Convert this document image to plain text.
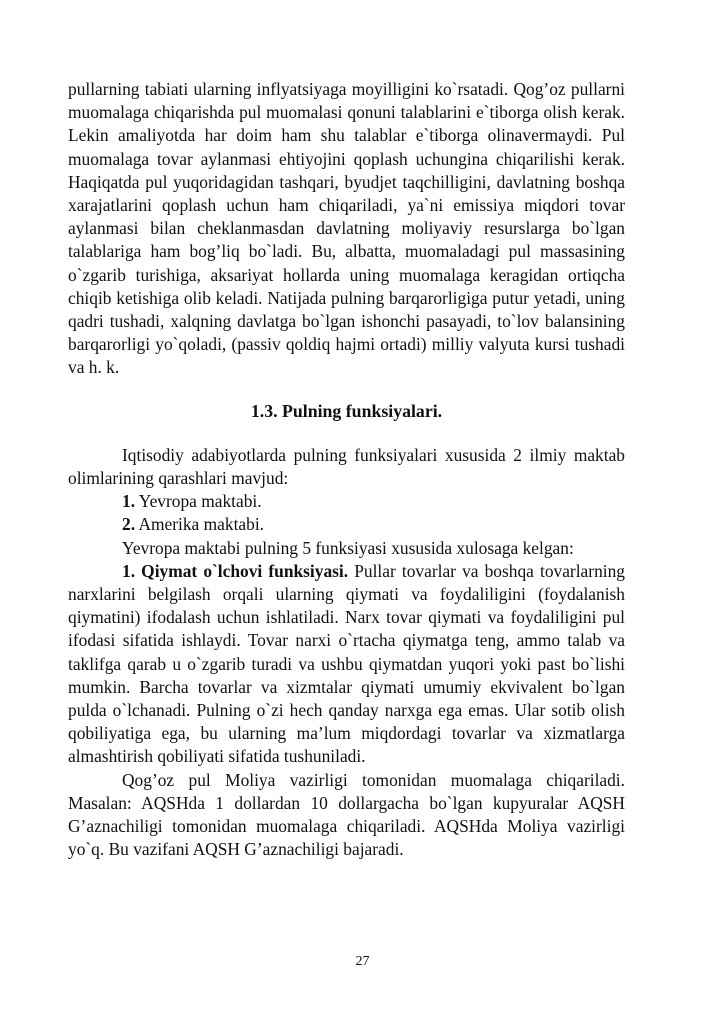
pullarning tabiati ularning inflyatsiyaga moyilligini ko`rsatadi. Qog’oz pullarni muomalaga chiqarishda pul muomalasi qonuni talablarini e`tiborga olish kerak. Lekin amaliyotda har doim ham shu talablar e`tiborga olinavermaydi. Pul muomalaga tovar aylanmasi ehtiyojini qoplash uchungina chiqarilishi kerak. Haqiqatda pul yuqoridagidan tashqari, byudjet taqchilligini, davlatning boshqa xarajatlarini qoplash uchun ham chiqariladi, ya`ni emissiya miqdori tovar aylanmasi bilan cheklanmasdan davlatning moliyaviy resurslarga bo`lgan talablariga ham bog’liq bo`ladi. Bu, albatta, muomaladagi pul massasining o`zgarib turishiga, aksariyat hollarda uning muomalaga keragidan ortiqcha chiqib ketishiga olib keladi. Natijada pulning barqarorligiga putur yetadi, uning qadri tushadi, xalqning davlatga bo`lgan ishonchi pasayadi, to`lov balansining barqarorligi yo`qoladi, (passiv qoldiq hajmi ortadi) milliy valyuta kursi tushadi va h. k.

1.3. Pulning funksiyalari.

Iqtisodiy adabiyotlarda pulning funksiyalari xususida 2 ilmiy maktab olimlarining qarashlari mavjud:

1. Yevropa maktabi.

2. Amerika maktabi.

Yevropa maktabi pulning 5 funksiyasi xususida xulosaga kelgan:

1. Qiymat o`lchovi funksiyasi. Pullar tovarlar va boshqa tovarlarning narxlarini belgilash orqali ularning qiymati va foydaliligini (foydalanish qiymatini) ifodalash uchun ishlatiladi. Narx tovar qiymati va foydaliligini pul ifodasi sifatida ishlaydi. Tovar narxi o`rtacha qiymatga teng, ammo talab va taklifga qarab u o`zgarib turadi va ushbu qiymatdan yuqori yoki past bo`lishi mumkin. Barcha tovarlar va xizmtalar qiymati umumiy ekvivalent bo`lgan pulda o`lchanadi. Pulning o`zi hech qanday narxga ega emas. Ular sotib olish qobiliyatiga ega, bu ularning ma’lum miqdordagi tovarlar va xizmatlarga almashtirish qobiliyati sifatida tushuniladi.

Qog’oz pul Moliya vazirligi tomonidan muomalaga chiqariladi. Masalan: AQSHda 1 dollardan 10 dollargacha bo`lgan kupyuralar AQSH G’aznachiligi tomonidan muomalaga chiqariladi. AQSHda Moliya vazirligi yo`q. Bu vazifani AQSH G’aznachiligi bajaradi.

27
